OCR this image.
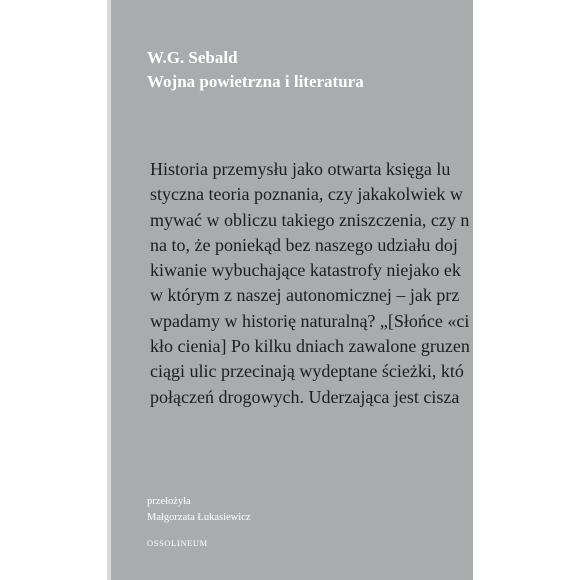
W.G. Sebald
Wojna powietrzna i literatura
Historia przemysłu jako otwarta księga lu
styczna teoria poznania, czy jakakolwiek w
mywać w obliczu takiego zniszczenia, czy n
na to, że poniekąd bez naszego udziału doj
kiwanie wybuchające katastrofy niejako ek
w którym z naszej autonomicznej – jak prz
wpadamy w historię naturalną? „[Słońce «ci
kło cienia] Po kilku dniach zawalone gruzen
ciągi ulic przecinają wydeptane ścieżki, któ
połączeń drogowych. Uderzająca jest cisza
przełożyła
Małgorzata Łukasiewicz
OSSOLINEUM
